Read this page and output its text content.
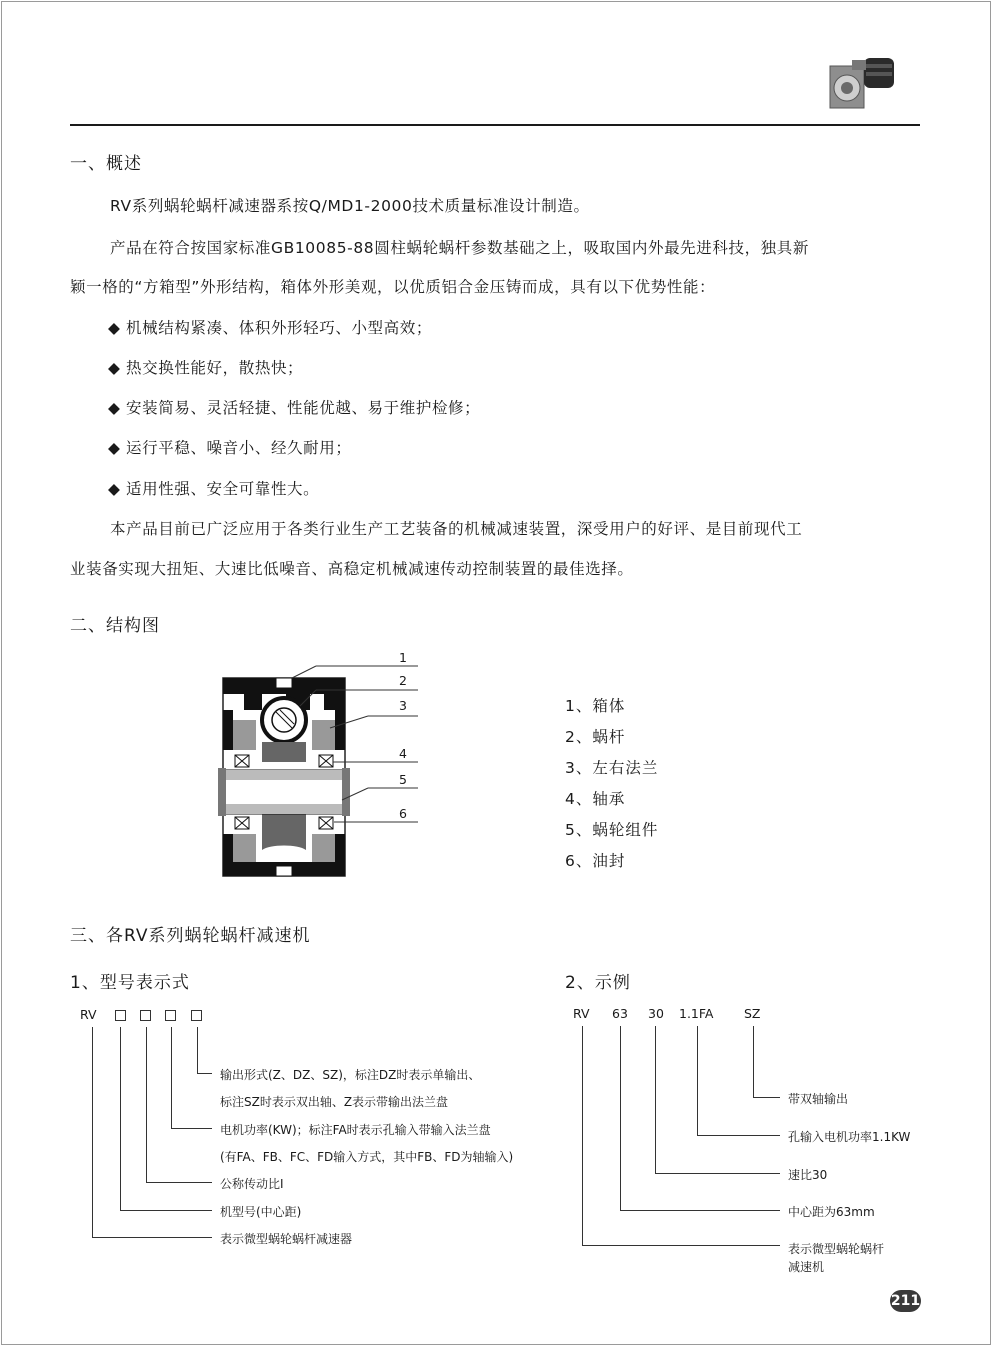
一、概述
RV系列蜗轮蜗杆减速器系按Q/MD1-2000技术质量标准设计制造。
产品在符合按国家标准GB10085-88圆柱蜗轮蜗杆参数基础之上，吸取国内外最先进科技，独具新
颖一格的“方箱型”外形结构，箱体外形美观，以优质铝合金压铸而成，具有以下优势性能：
◆ 机械结构紧凑、体积外形轻巧、小型高效；
◆ 热交换性能好，散热快；
◆ 安装简易、灵活轻捷、性能优越、易于维护检修；
◆ 运行平稳、噪音小、经久耐用；
◆ 适用性强、安全可靠性大。
本产品目前已广泛应用于各类行业生产工艺装备的机械减速装置，深受用户的好评、是目前现代工
业装备实现大扭矩、大速比低噪音、高稳定机械减速传动控制装置的最佳选择。
二、结构图
1
2
3
4
5
6
1、箱体
2、蜗杆
3、左右法兰
4、轴承
5、蜗轮组件
6、油封
三、各RV系列蜗轮蜗杆减速机
1、型号表示式	2、示例
RV
输出形式(Z、DZ、SZ)，标注DZ时表示单输出、
标注SZ时表示双出轴、Z表示带输出法兰盘
电机功率(KW)；标注FA时表示孔输入带输入法兰盘
(有FA、FB、FC、FD输入方式，其中FB、FD为轴输入)
公称传动比I
机型号(中心距)
表示微型蜗轮蜗杆减速器
RV 63 30 1.1FA SZ
带双轴输出
孔输入电机功率1.1KW
速比30
中心距为63mm
表示微型蜗轮蜗杆
减速机
211
